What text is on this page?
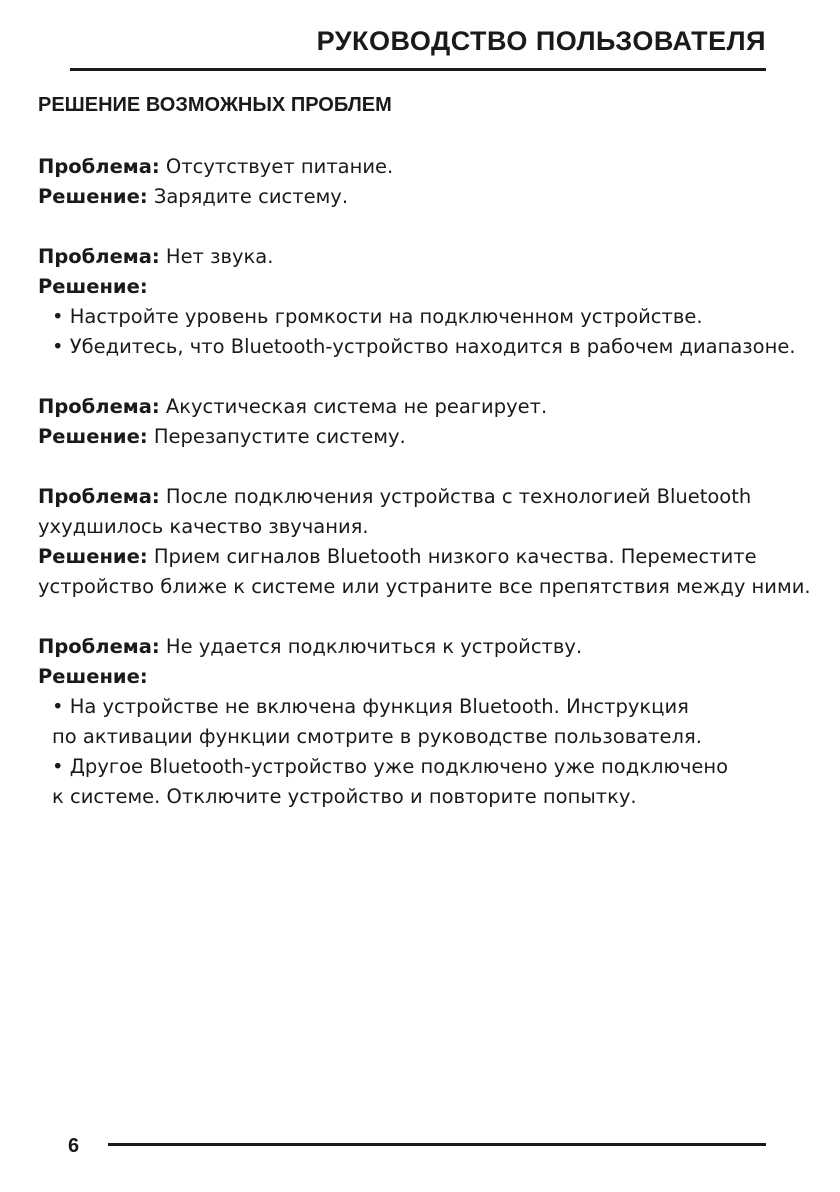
РУКОВОДСТВО ПОЛЬЗОВАТЕЛЯ
РЕШЕНИЕ ВОЗМОЖНЫХ ПРОБЛЕМ
Проблема: Отсутствует питание.
Решение: Зарядите систему.
Проблема: Нет звука.
Решение:
• Настройте уровень громкости на подключенном устройстве.
• Убедитесь, что Bluetooth-устройство находится в рабочем диапазоне.
Проблема: Акустическая система не реагирует.
Решение: Перезапустите систему.
Проблема: После подключения устройства с технологией Bluetooth
ухудшилось качество звучания.
Решение: Прием сигналов Bluetooth низкого качества. Переместите
устройство ближе к системе или устраните все препятствия между ними.
Проблема: Не удается подключиться к устройству.
Решение:
• На устройстве не включена функция Bluetooth. Инструкция
по активации функции смотрите в руководстве пользователя.
• Другое Bluetooth-устройство уже подключено уже подключено
к системе. Отключите устройство и повторите попытку.
6
